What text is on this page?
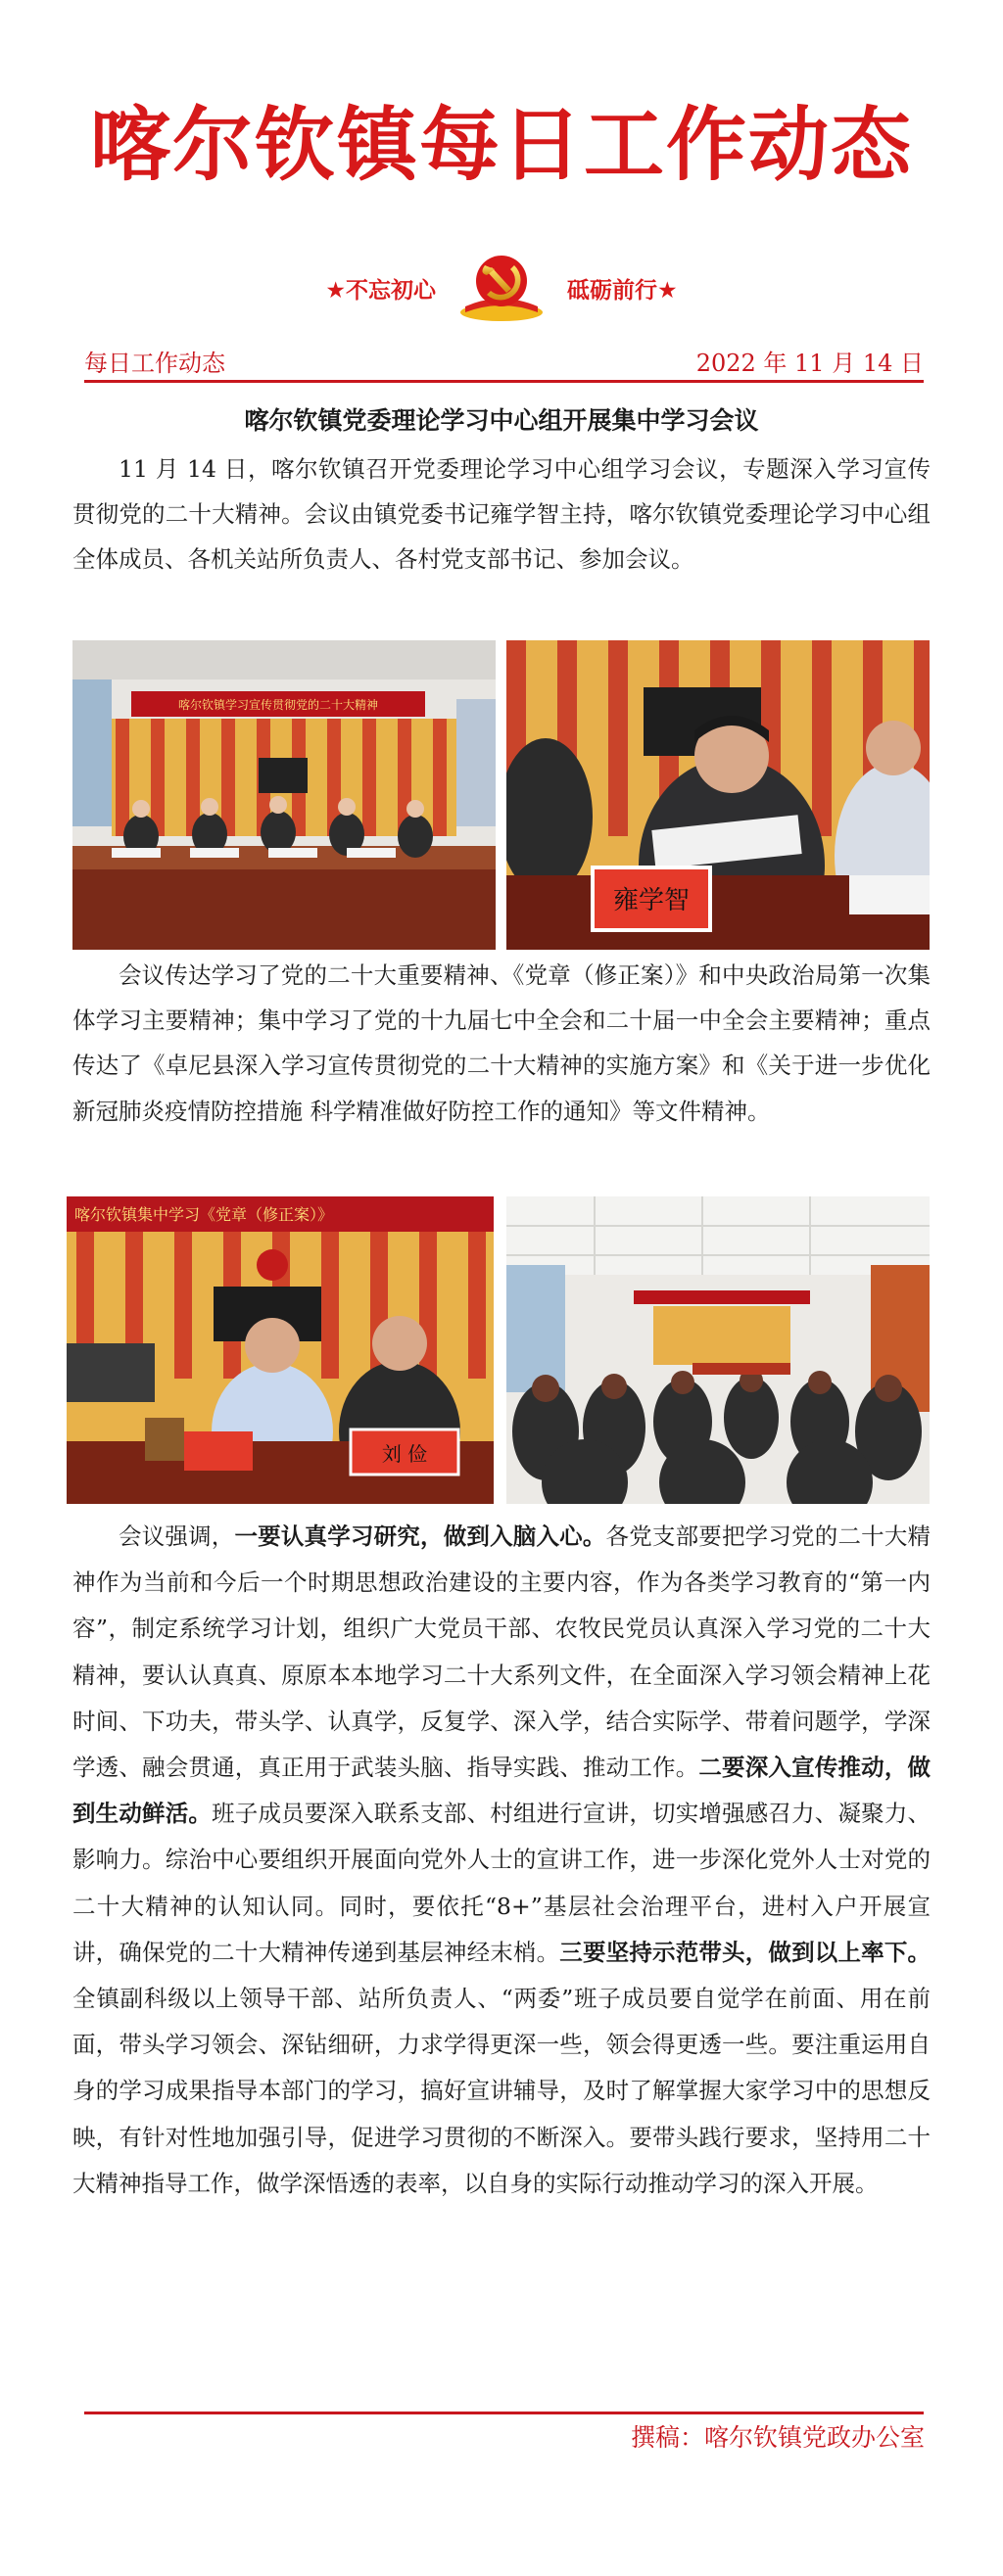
喀尔钦镇每日工作动态
★不忘初心	砥砺前行★
每日工作动态	2022 年 11 月 14 日
喀尔钦镇党委理论学习中心组开展集中学习会议

11 月 14 日，喀尔钦镇召开党委理论学习中心组学习会议，专题深入学习宣传贯彻党的二十大精神。会议由镇党委书记雍学智主持，喀尔钦镇党委理论学习中心组全体成员、各机关站所负责人、各村党支部书记、参加会议。

喀尔钦镇学习宣传贯彻党的二十大精神
雍学智

会议传达学习了党的二十大重要精神、《党章（修正案）》和中央政治局第一次集体学习主要精神；集中学习了党的十九届七中全会和二十届一中全会主要精神；重点传达了《卓尼县深入学习宣传贯彻党的二十大精神的实施方案》和《关于进一步优化新冠肺炎疫情防控措施 科学精准做好防控工作的通知》等文件精神。

喀尔钦镇集中学习《党章（修正案）》
刘 俭

会议强调，一要认真学习研究，做到入脑入心。各党支部要把学习党的二十大精神作为当前和今后一个时期思想政治建设的主要内容，作为各类学习教育的“第一内容”，制定系统学习计划，组织广大党员干部、农牧民党员认真深入学习党的二十大精神，要认认真真、原原本本地学习二十大系列文件，在全面深入学习领会精神上花时间、下功夫，带头学、认真学，反复学、深入学，结合实际学、带着问题学，学深学透、融会贯通，真正用于武装头脑、指导实践、推动工作。二要深入宣传推动，做到生动鲜活。班子成员要深入联系支部、村组进行宣讲，切实增强感召力、凝聚力、影响力。综治中心要组织开展面向党外人士的宣讲工作，进一步深化党外人士对党的二十大精神的认知认同。同时，要依托“8+”基层社会治理平台，进村入户开展宣讲，确保党的二十大精神传递到基层神经末梢。三要坚持示范带头，做到以上率下。全镇副科级以上领导干部、站所负责人、“两委”班子成员要自觉学在前面、用在前面，带头学习领会、深钻细研，力求学得更深一些，领会得更透一些。要注重运用自身的学习成果指导本部门的学习，搞好宣讲辅导，及时了解掌握大家学习中的思想反映，有针对性地加强引导，促进学习贯彻的不断深入。要带头践行要求，坚持用二十大精神指导工作，做学深悟透的表率，以自身的实际行动推动学习的深入开展。

撰稿：喀尔钦镇党政办公室
